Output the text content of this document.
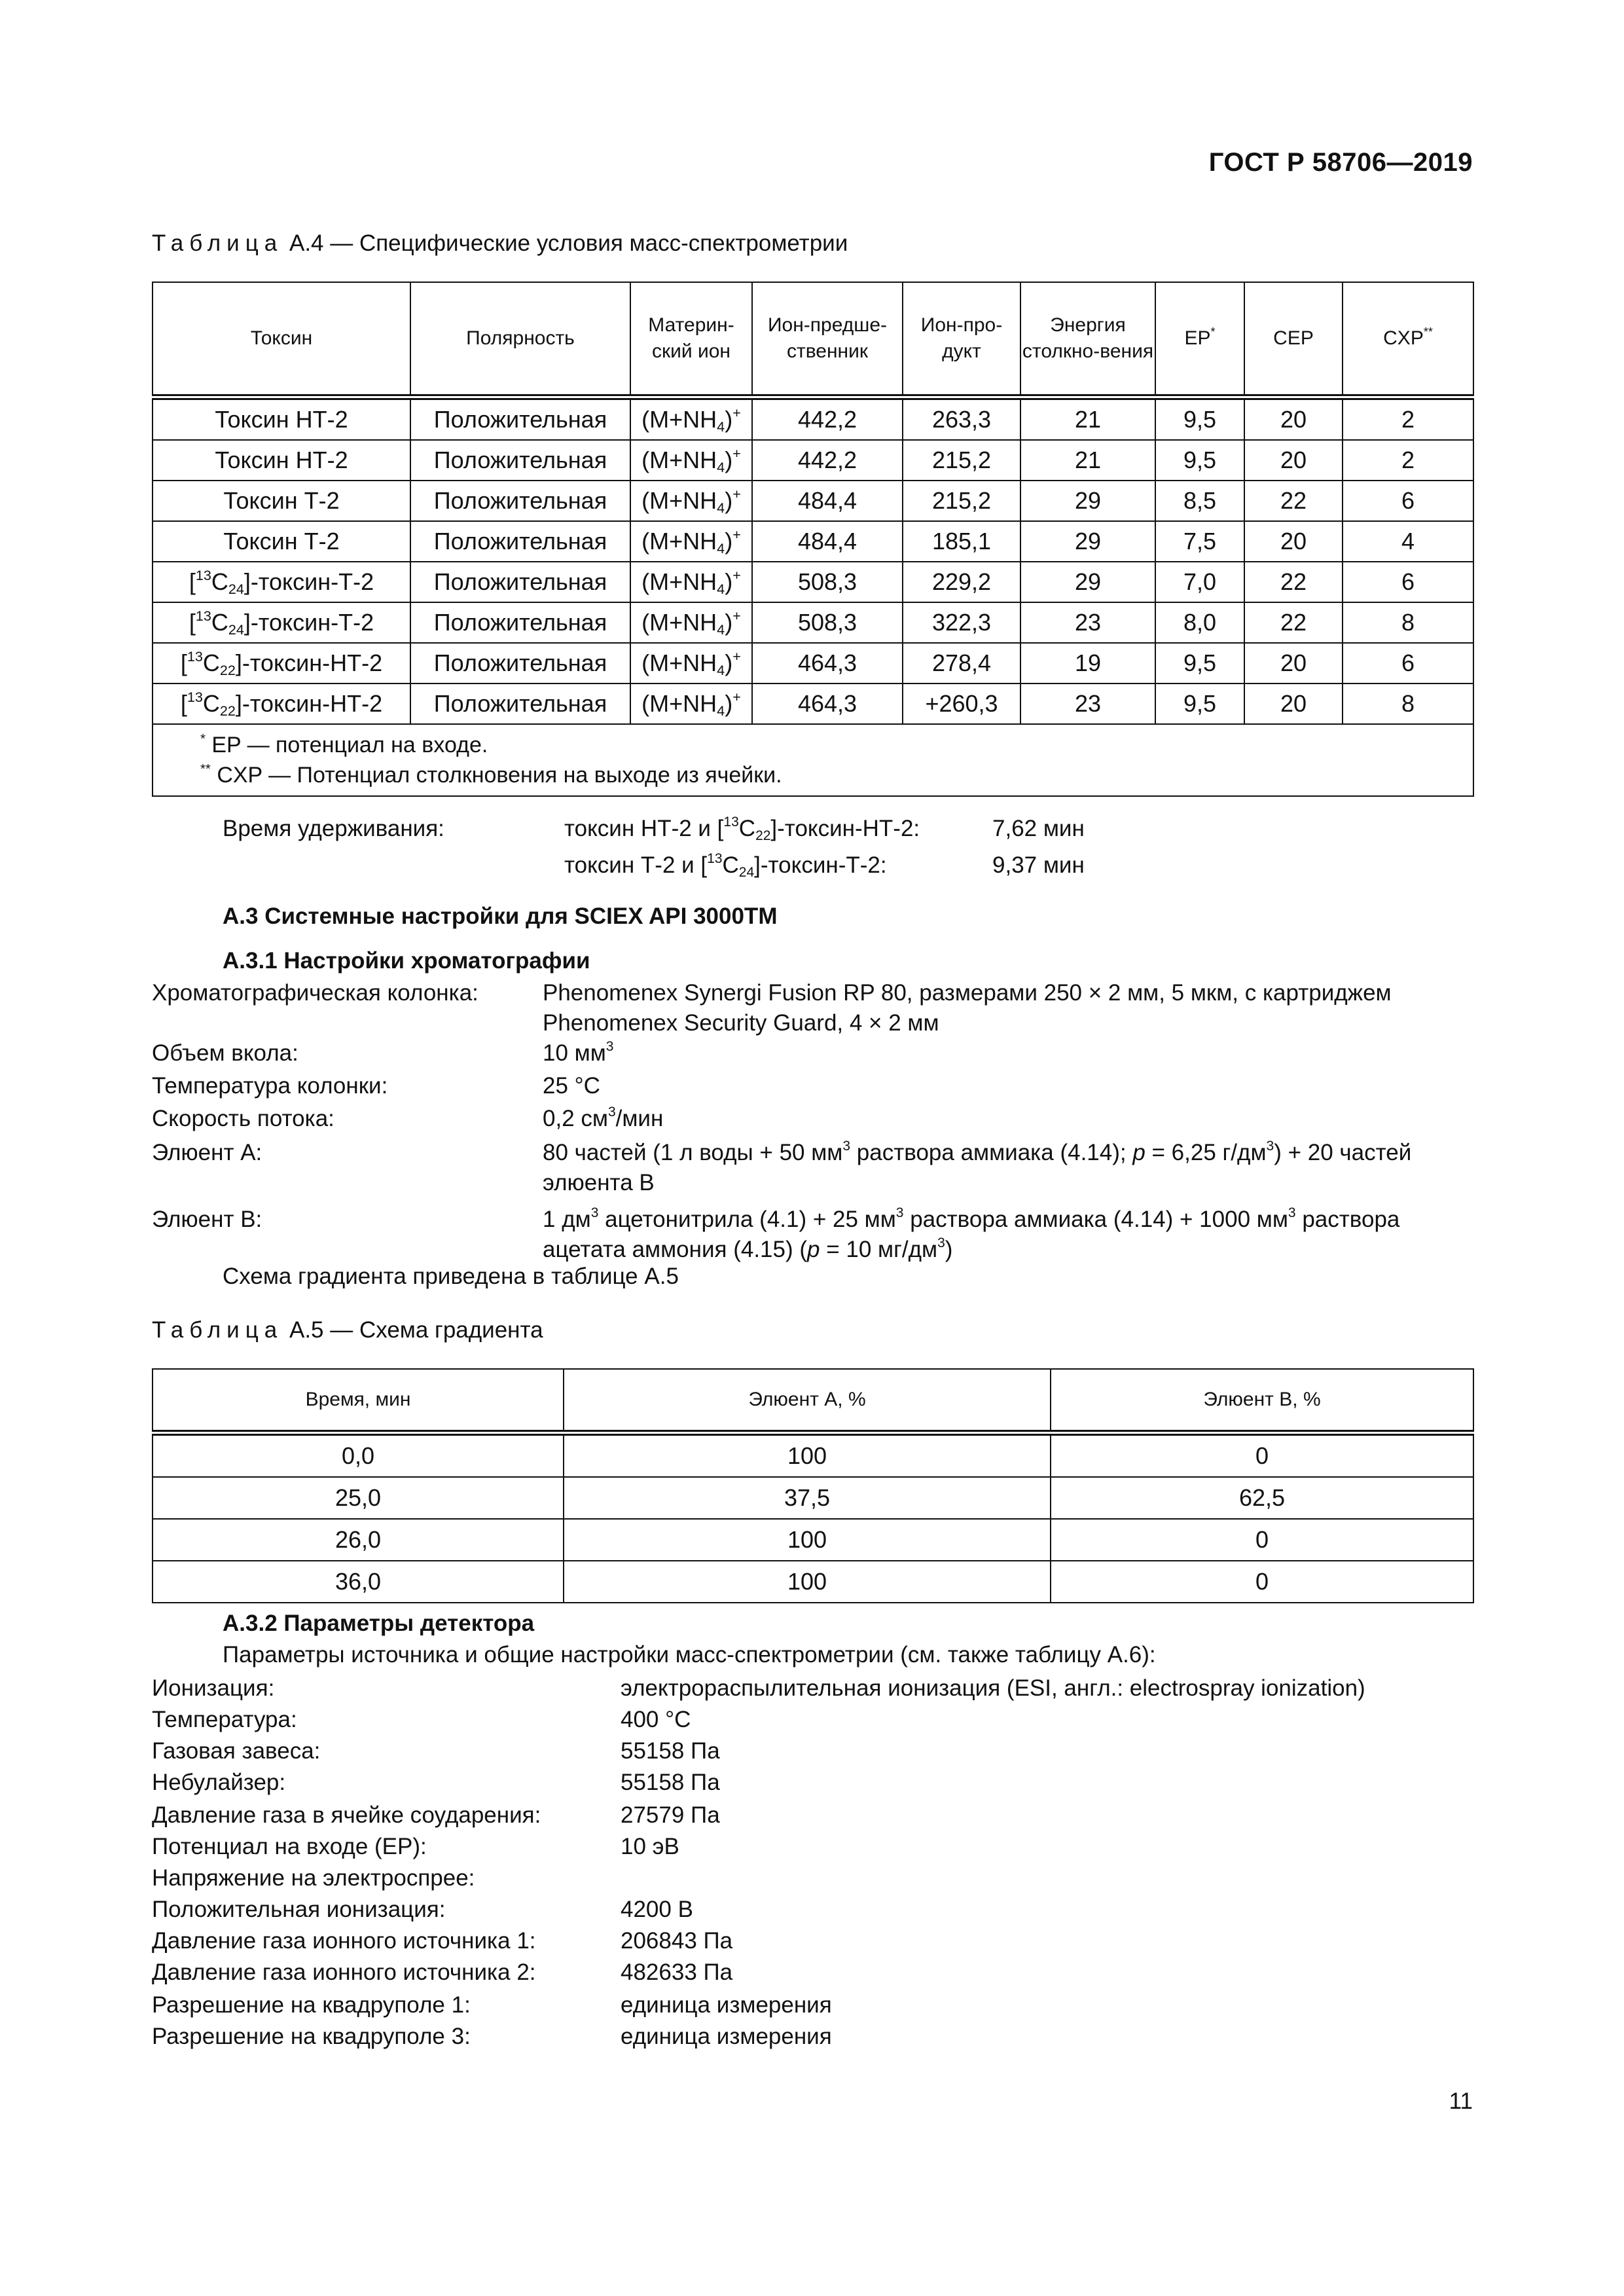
ГОСТ Р 58706—2019
Таблица А.4 — Специфические условия масс-спектрометрии
Токсин	Полярность	Материн-ский ион	Ион-предше-ственник	Ион-про-дукт	Энергия столкно-вения	EP*	CEP	CXP**
Токсин НТ-2	Положительная	$(M+NH_4)^+$	442,2	263,3	21	9,5	20	2
Токсин НТ-2	Положительная	$(M+NH_4)^+$	442,2	215,2	21	9,5	20	2
Токсин Т-2	Положительная	$(M+NH_4)^+$	484,4	215,2	29	8,5	22	6
Токсин Т-2	Положительная	$(M+NH_4)^+$	484,4	185,1	29	7,5	20	4
$[^{13}C_{24}]-токсин-Т-2$	Положительная	$(M+NH_4)^+$	508,3	229,2	29	7,0	22	6
$[^{13}C_{24}]-токсин-Т-2$	Положительная	$(M+NH_4)^+$	508,3	322,3	23	8,0	22	8
$[^{13}C_{22}]-токсин-НТ-2$	Положительная	$(M+NH_4)^+$	464,3	278,4	19	9,5	20	6
$[^{13}C_{22}]-токсин-НТ-2$	Положительная	$(M+NH_4)^+$	464,3	+260,3	23	9,5	20	8

* EP — потенциал на входе.
** CXP — Потенциал столкновения на выходе из ячейки.								
Время удерживания:	токсин НТ-2 и $[^{13}C_{22}]-токсин-НТ-2$:	7,62 мин
токсин Т-2 и $[^{13}C_{24}]-токсин-Т-2$:	9,37 мин
А.3 Системные настройки для SCIEX API 3000TM
А.3.1 Настройки хроматографии
Хроматографическая колонка:	Phenomenex Synergi Fusion RP 80, размерами 250 × 2 мм, 5 мкм, с картриджем Phenomenex Security Guard, 4 × 2 мм
Объем вкола:	10 $мм^3$
Температура колонки:	25 °C
Скорость потока:	0,2 $см^3$/мин
Элюент А:	80 частей (1 л воды + 50 $мм^3$ раствора аммиака (4.14); p = 6,25 $г/дм^3) + 20$ частей элюента В
Элюент В:	1 $дм^3$ ацетонитрила (4.1) + 25 $мм^3$ раствора аммиака (4.14) + 1000 $мм^3$ раствора ацетата аммония (4.15) (p = 10 $мг/дм^3$)
Схема градиента приведена в таблице А.5
Таблица А.5 — Схема градиента
Время, мин	Элюент А, %	Элюент В, %
0,0	100	0
25,0	37,5	62,5
26,0	100	0
36,0	100	0
А.3.2 Параметры детектора
Параметры источника и общие настройки масс-спектрометрии (см. также таблицу А.6):
Ионизация:	электрораспылительная ионизация (ESI, англ.: electrospray ionization)
Температура:	400 °C
Газовая завеса:	55158 Па
Небулайзер:	55158 Па
Давление газа в ячейке соударения:	27579 Па
Потенциал на входе (EP):	10 эВ
Напряжение на электроспрее:
Положительная ионизация:	4200 В
Давление газа ионного источника 1:	206843 Па
Давление газа ионного источника 2:	482633 Па
Разрешение на квадруполе 1:	единица измерения
Разрешение на квадруполе 3:	единица измерения
11
